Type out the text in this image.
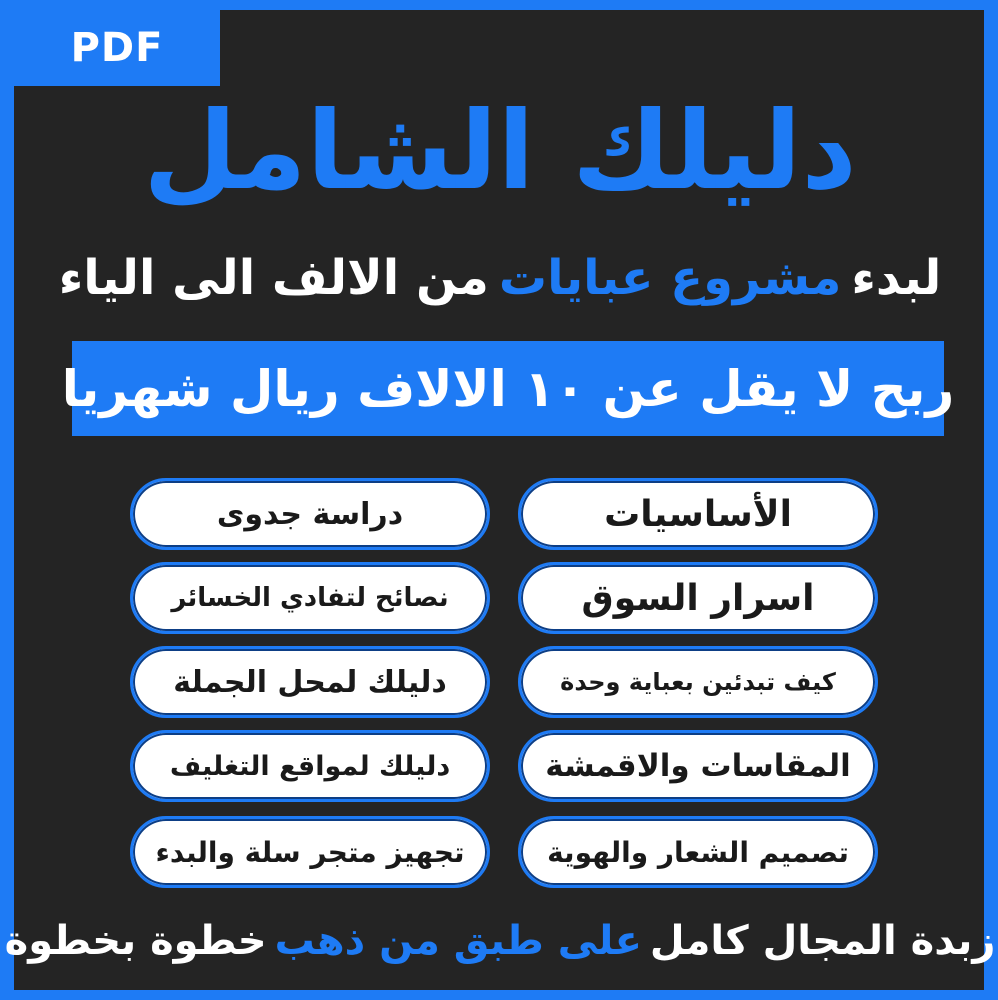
PDF
دليلك الشامل
لبدء
مشروع عبايات
من الالف الى الياء
ربح لا يقل عن ١٠ الالاف ريال شهريا
الأساسيات
اسرار السوق
كيف تبدئين بعباية وحدة
المقاسات والاقمشة
تصميم الشعار والهوية
دراسة جدوى
نصائح لتفادي الخسائر
دليلك لمحل الجملة
دليلك لمواقع التغليف
تجهيز متجر سلة والبدء
زبدة المجال كامل
على طبق من ذهب
خطوة بخطوة
